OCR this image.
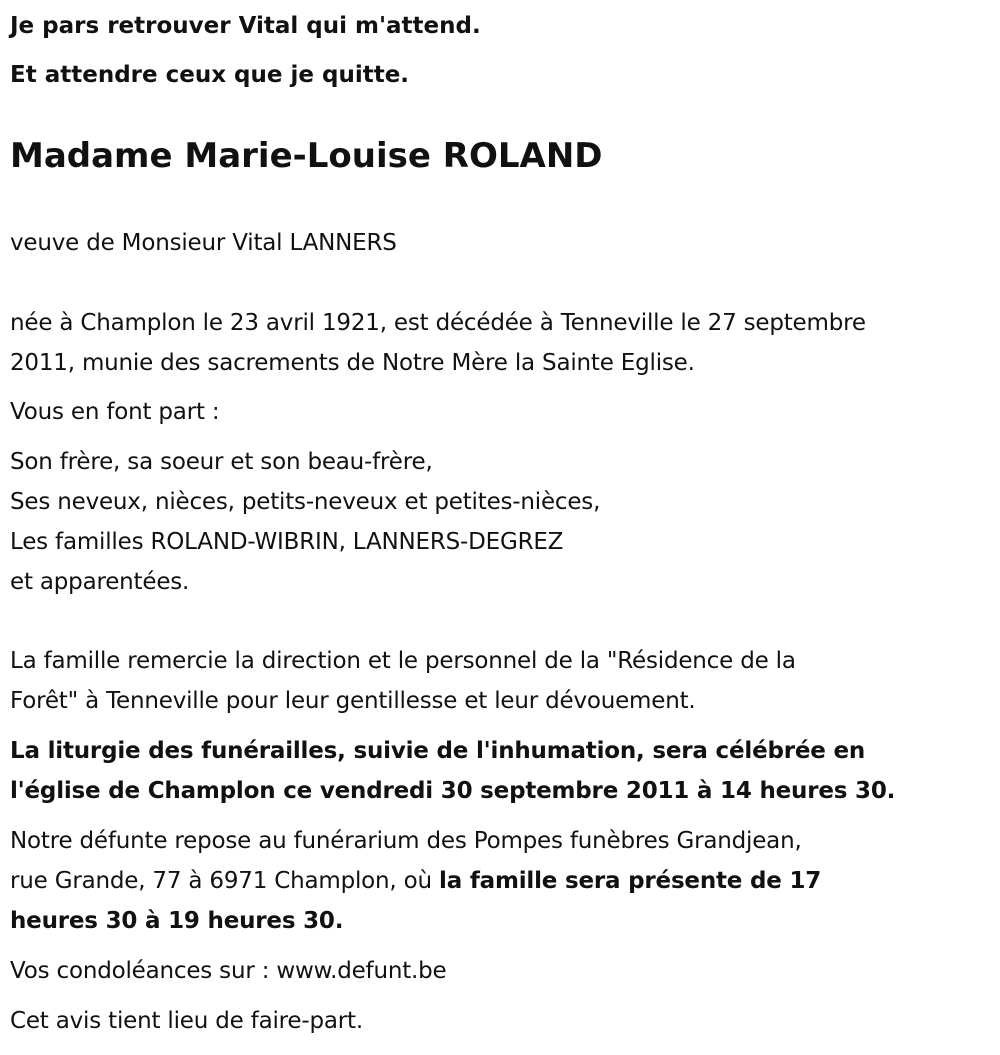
Je pars retrouver Vital qui m'attend.

Et attendre ceux que je quitte.

Madame Marie-Louise ROLAND

veuve de Monsieur Vital LANNERS

née à Champlon le 23 avril 1921, est décédée à Tenneville le 27 septembre

2011, munie des sacrements de Notre Mère la Sainte Eglise.

Vous en font part :

Son frère, sa soeur et son beau-frère,

Ses neveux, nièces, petits-neveux et petites-nièces,

Les familles ROLAND-WIBRIN, LANNERS-DEGREZ

et apparentées.

La famille remercie la direction et le personnel de la "Résidence de la

Forêt" à Tenneville pour leur gentillesse et leur dévouement.

La liturgie des funérailles, suivie de l'inhumation, sera célébrée en

l'église de Champlon ce vendredi 30 septembre 2011 à 14 heures 30.

Notre défunte repose au funérarium des Pompes funèbres Grandjean,

rue Grande, 77 à 6971 Champlon, où la famille sera présente de 17

heures 30 à 19 heures 30.

Vos condoléances sur : www.defunt.be

Cet avis tient lieu de faire-part.
